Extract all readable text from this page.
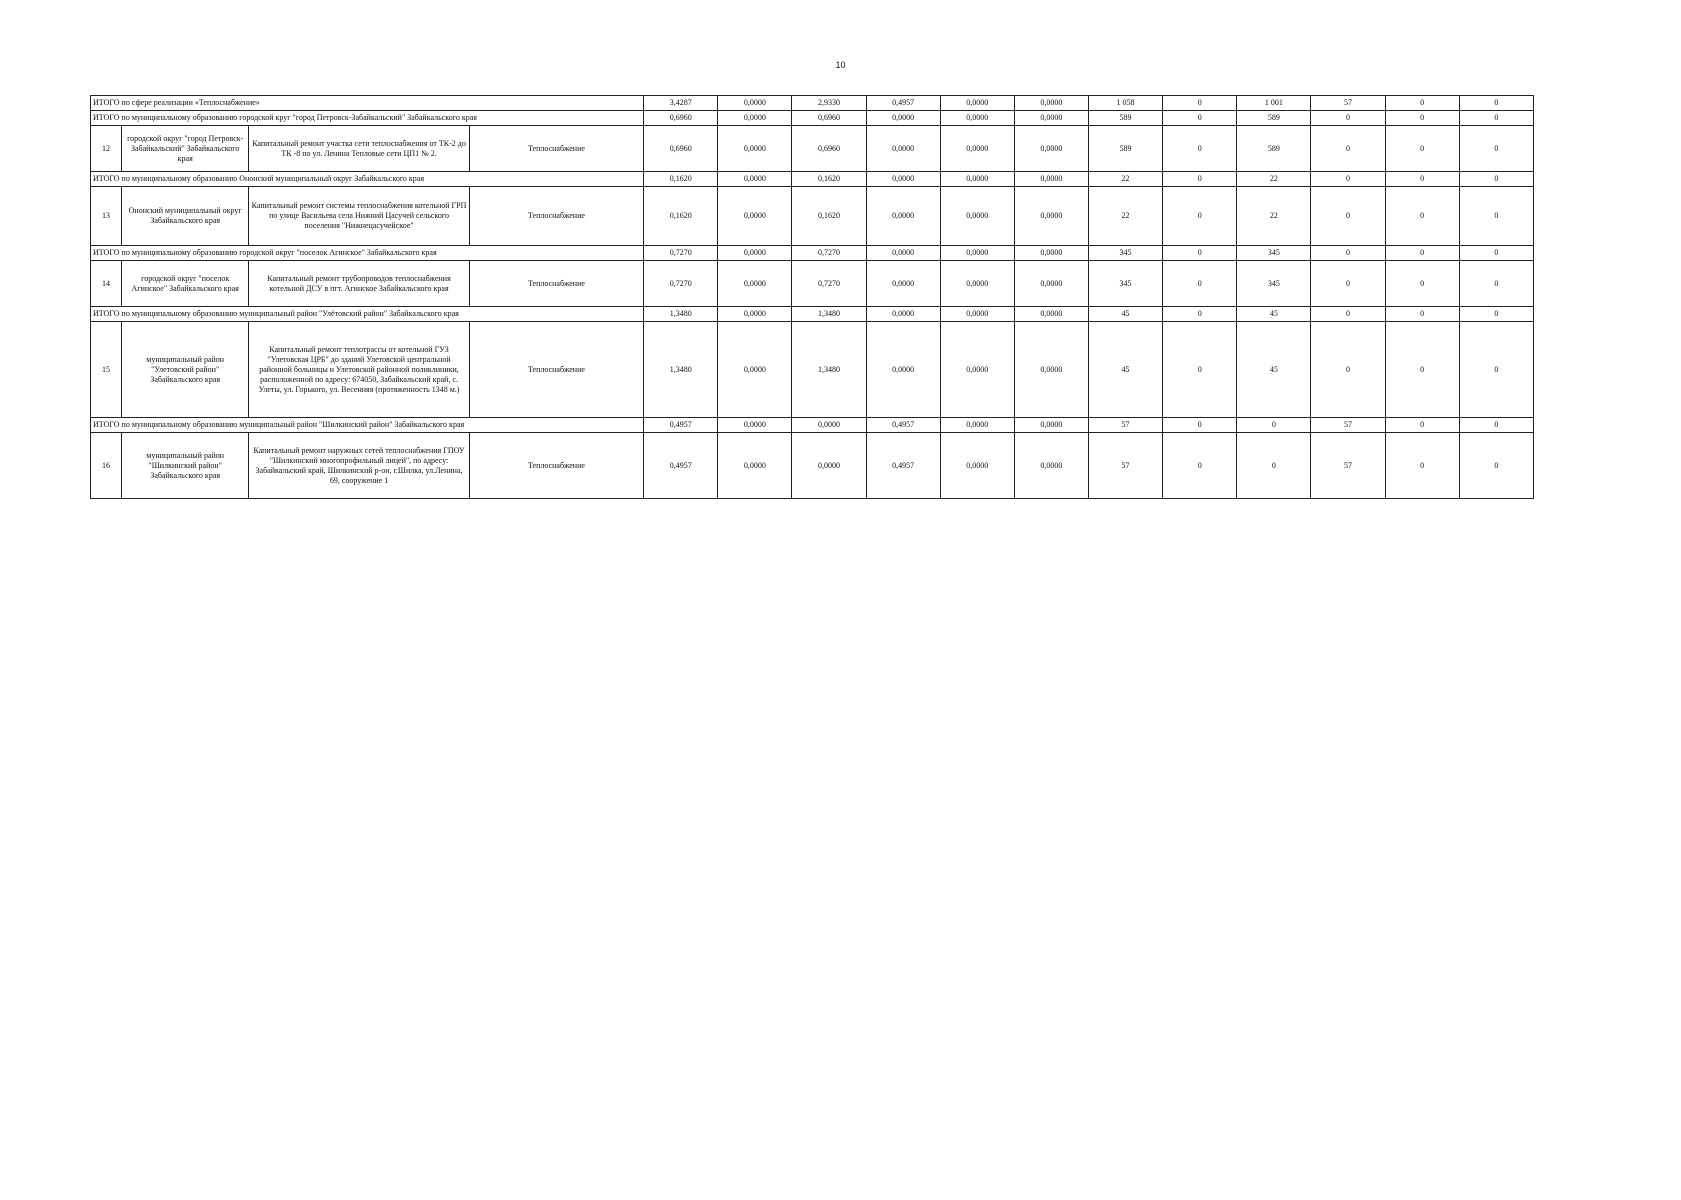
10
ИТОГО по сфере реализации «Теплоснабжение»				3,4287	0,0000	2,9330	0,4957	0,0000	0,0000	1 058	0	1 001	57	0	0
ИТОГО по муниципальному образованию городской круг "город Петровск-Забайкальский" Забайкальского края				0,6960	0,0000	0,6960	0,0000	0,0000	0,0000	589	0	589	0	0	0
12	городской округ "город Петровск-Забайкальский" Забайкальского края	Капитальный ремонт участка сети теплоснабжения от ТК-2 до ТК -8 по ул. Ленина Тепловые сети ЦП1 № 2.	Теплоснабжение	0,6960	0,0000	0,6960	0,0000	0,0000	0,0000	589	0	589	0	0	0
ИТОГО по муниципальному образованию Ононский муниципальный округ Забайкальского края				0,1620	0,0000	0,1620	0,0000	0,0000	0,0000	22	0	22	0	0	0
13	Ононский муниципальный округ Забайкальского края	Капитальный ремонт системы теплоснабжения котельной ГРП по улице Васильева села Нижний Цасучей сельского поселения "Нижнецасучейское"	Теплоснабжение	0,1620	0,0000	0,1620	0,0000	0,0000	0,0000	22	0	22	0	0	0
ИТОГО по муниципальному образованию городской округ "поселок Агинское" Забайкальского края				0,7270	0,0000	0,7270	0,0000	0,0000	0,0000	345	0	345	0	0	0
14	городской округ "поселок Агинское" Забайкальского края	Капитальный ремонт трубопроводов теплоснабжения котельной ДСУ в пгт. Агинское Забайкальского края	Теплоснабжение	0,7270	0,0000	0,7270	0,0000	0,0000	0,0000	345	0	345	0	0	0
ИТОГО по муниципальному образованию муниципальный район "Улётовский район" Забайкальского края				1,3480	0,0000	1,3480	0,0000	0,0000	0,0000	45	0	45	0	0	0
15	муниципальный район "Улетовский район" Забайкальского края	Капитальный ремонт теплотрассы от котельной ГУЗ "Улетовская ЦРБ" до зданий Улетовской центральной районной больницы и Улетовской районной поликлиники, расположенной по адресу: 674050, Забайкальский край, с. Улеты, ул. Горького, ул. Весенняя (протяженность 1348 м.)	Теплоснабжение	1,3480	0,0000	1,3480	0,0000	0,0000	0,0000	45	0	45	0	0	0
ИТОГО по муниципальному образованию муниципальный район "Шилкинский район" Забайкальского края				0,4957	0,0000	0,0000	0,4957	0,0000	0,0000	57	0	0	57	0	0
16	муниципальный район "Шилкинский район" Забайкальского края	Капитальный ремонт наружных сетей теплоснабжения ГПОУ "Шилкинский многопрофильный лицей", по адресу: Забайкальский край, Шилкинский р-он, г.Шилка, ул.Ленина, 69, сооружение 1	Теплоснабжение	0,4957	0,0000	0,0000	0,4957	0,0000	0,0000	57	0	0	57	0	0
